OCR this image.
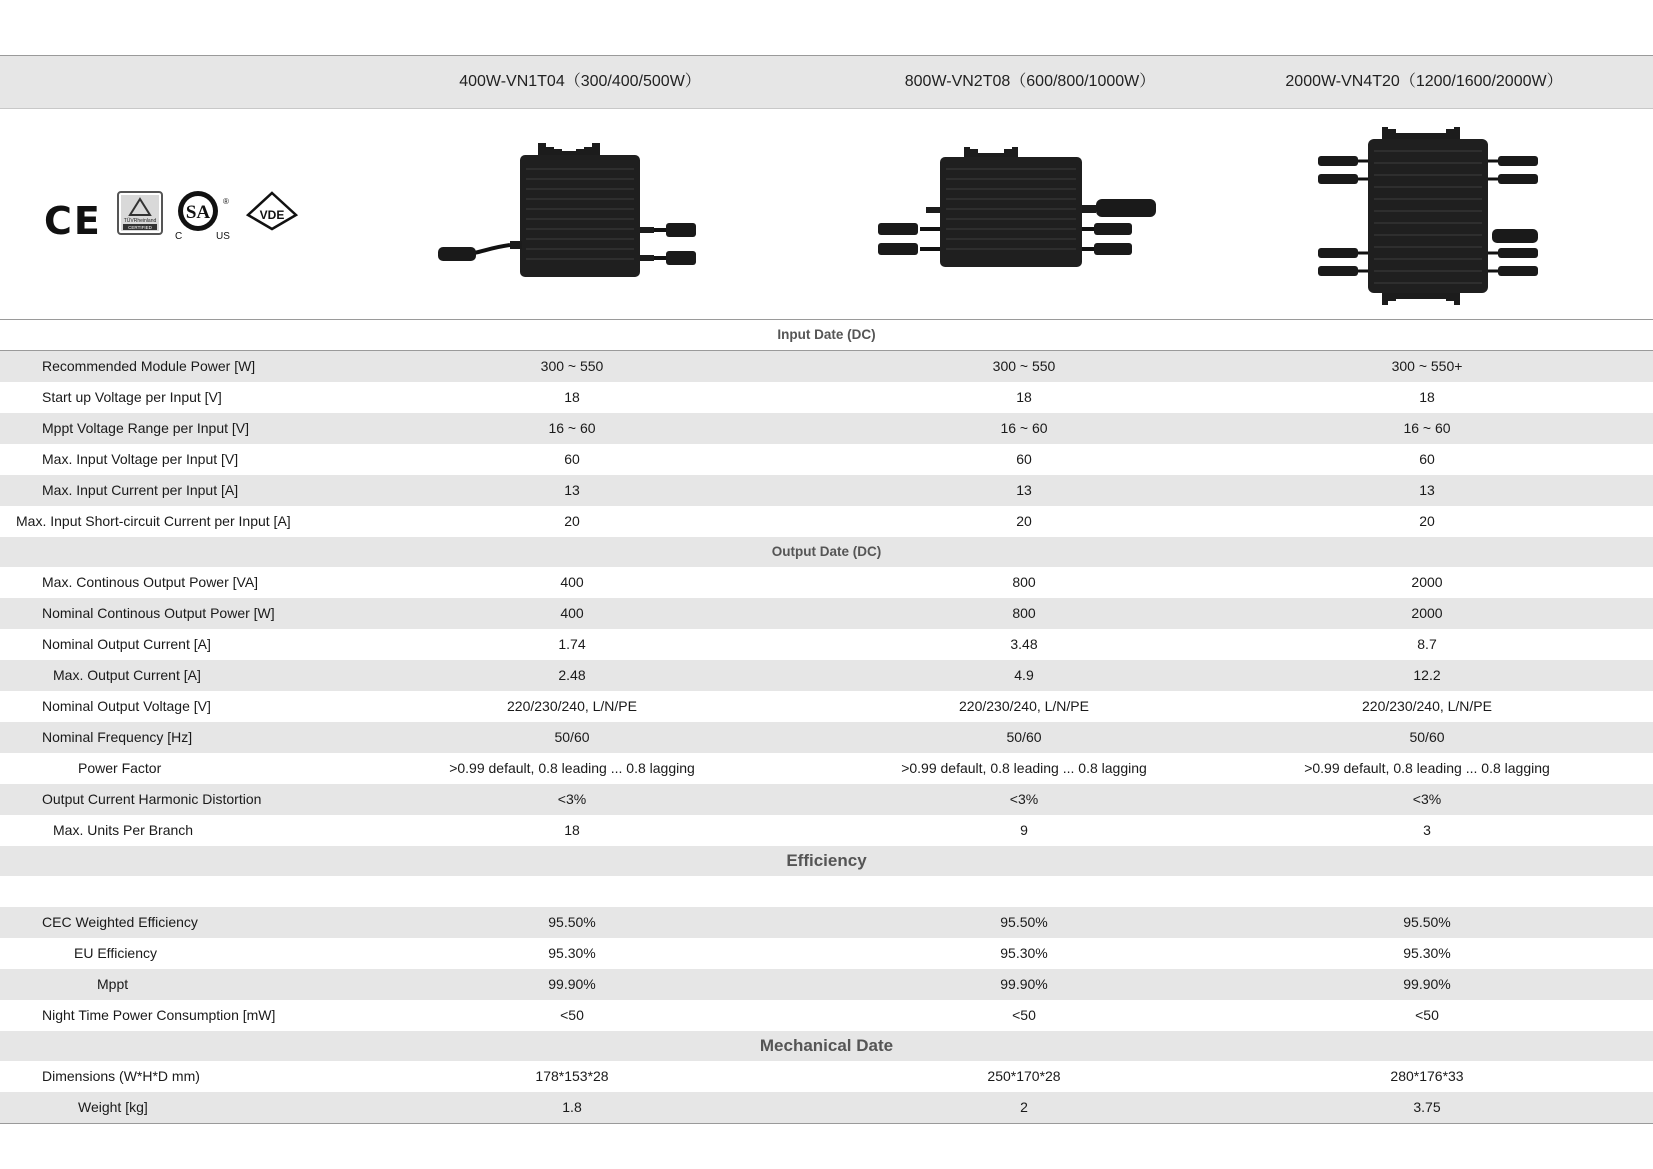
400W-VN1T04（300/400/500W）	800W-VN2T08（600/800/1000W）	2000W-VN4T20（1200/1600/2000W）
CE	TÜVRheinland
CERTIFIED
SA
®
C	US
VDE
Input Date (DC)
Recommended Module Power [W]	300 ~ 550	300 ~ 550	300 ~ 550+
Start up Voltage per Input [V]	18	18	18
Mppt Voltage Range per Input [V]	16 ~ 60	16 ~ 60	16 ~ 60
Max. Input Voltage per Input [V]	60	60	60
Max. Input Current per Input [A]	13	13	13
Max. Input Short-circuit Current per Input [A]	20	20	20
Output Date (DC)
Max. Continous Output Power [VA]	400	800	2000
Nominal Continous Output Power [W]	400	800	2000
Nominal Output Current [A]	1.74	3.48	8.7
Max. Output Current [A]	2.48	4.9	12.2
Nominal Output Voltage [V]	220/230/240, L/N/PE	220/230/240, L/N/PE	220/230/240, L/N/PE
Nominal Frequency [Hz]	50/60	50/60	50/60
Power Factor	>0.99 default, 0.8 leading ... 0.8 lagging	>0.99 default, 0.8 leading ... 0.8 lagging	>0.99 default, 0.8 leading ... 0.8 lagging
Output Current Harmonic Distortion	<3%	<3%	<3%
Max. Units Per Branch	18	9	3
Efficiency
CEC Weighted Efficiency	95.50%	95.50%	95.50%
EU Efficiency	95.30%	95.30%	95.30%
Mppt	99.90%	99.90%	99.90%
Night Time Power Consumption [mW]	<50	<50	<50
Mechanical Date
Dimensions (W*H*D mm)	178*153*28	250*170*28	280*176*33
Weight [kg]	1.8	2	3.75
